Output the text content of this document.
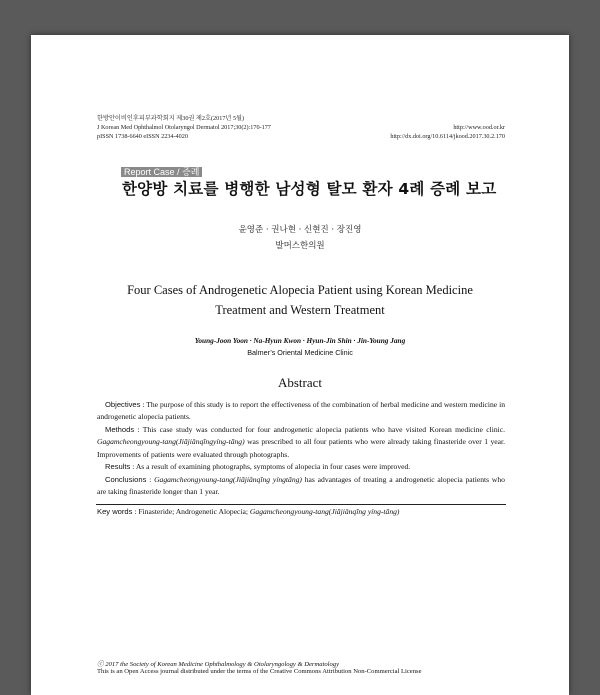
한방안이비인후피부과학회지 제30권 제2호(2017년 5월)
J Korean Med Ophthalmol Otolaryngol Dermatol 2017;30(2):170-177
pISSN 1738-6640 eISSN 2234-4020
http://www.ood.or.kr
http://dx.doi.org/10.6114/jkood.2017.30.2.170
Report Case / 증례
한양방 치료를 병행한 남성형 탈모 환자 4례 증례 보고
윤영준 · 권나현 · 신현진 · 장진영
발머스한의원
Four Cases of Androgenetic Alopecia Patient using Korean Medicine
Treatment and Western Treatment
Young-Joon Yoon · Na-Hyun Kwon · Hyun-Jin Shin · Jin-Young Jang
Balmer’s Oriental Medicine Clinic
Abstract
Objectives : The purpose of this study is to report the effectiveness of the combination of herbal medicine and western medicine in androgenetic alopecia patients.
Methods : This case study was conducted for four androgenetic alopecia patients who have visited Korean medicine clinic. Gagamcheongyoung-tang(Jiājiǎnqīngyíng-tāng) was prescribed to all four patients who were already taking finasteride over 1 year. Improvements of patients were evaluated through photographs.
Results : As a result of examining photographs, symptoms of alopecia in four cases were improved.
Conclusions : Gagamcheongyoung-tang(Jiājiǎnqīng yíngtāng) has advantages of treating a androgenetic alopecia patients who are taking finasteride longer than 1 year.
Key words : Finasteride; Androgenetic Alopecia; Gagamcheongyoung-tang(Jiājiǎnqīng yíng-tāng)
ⓒ 2017 the Society of Korean Medicine Ophthalmology & Otolaryngology & Dermatology
This is an Open Access journal distributed under the terms of the Creative Commons Attribution Non-Commercial License
